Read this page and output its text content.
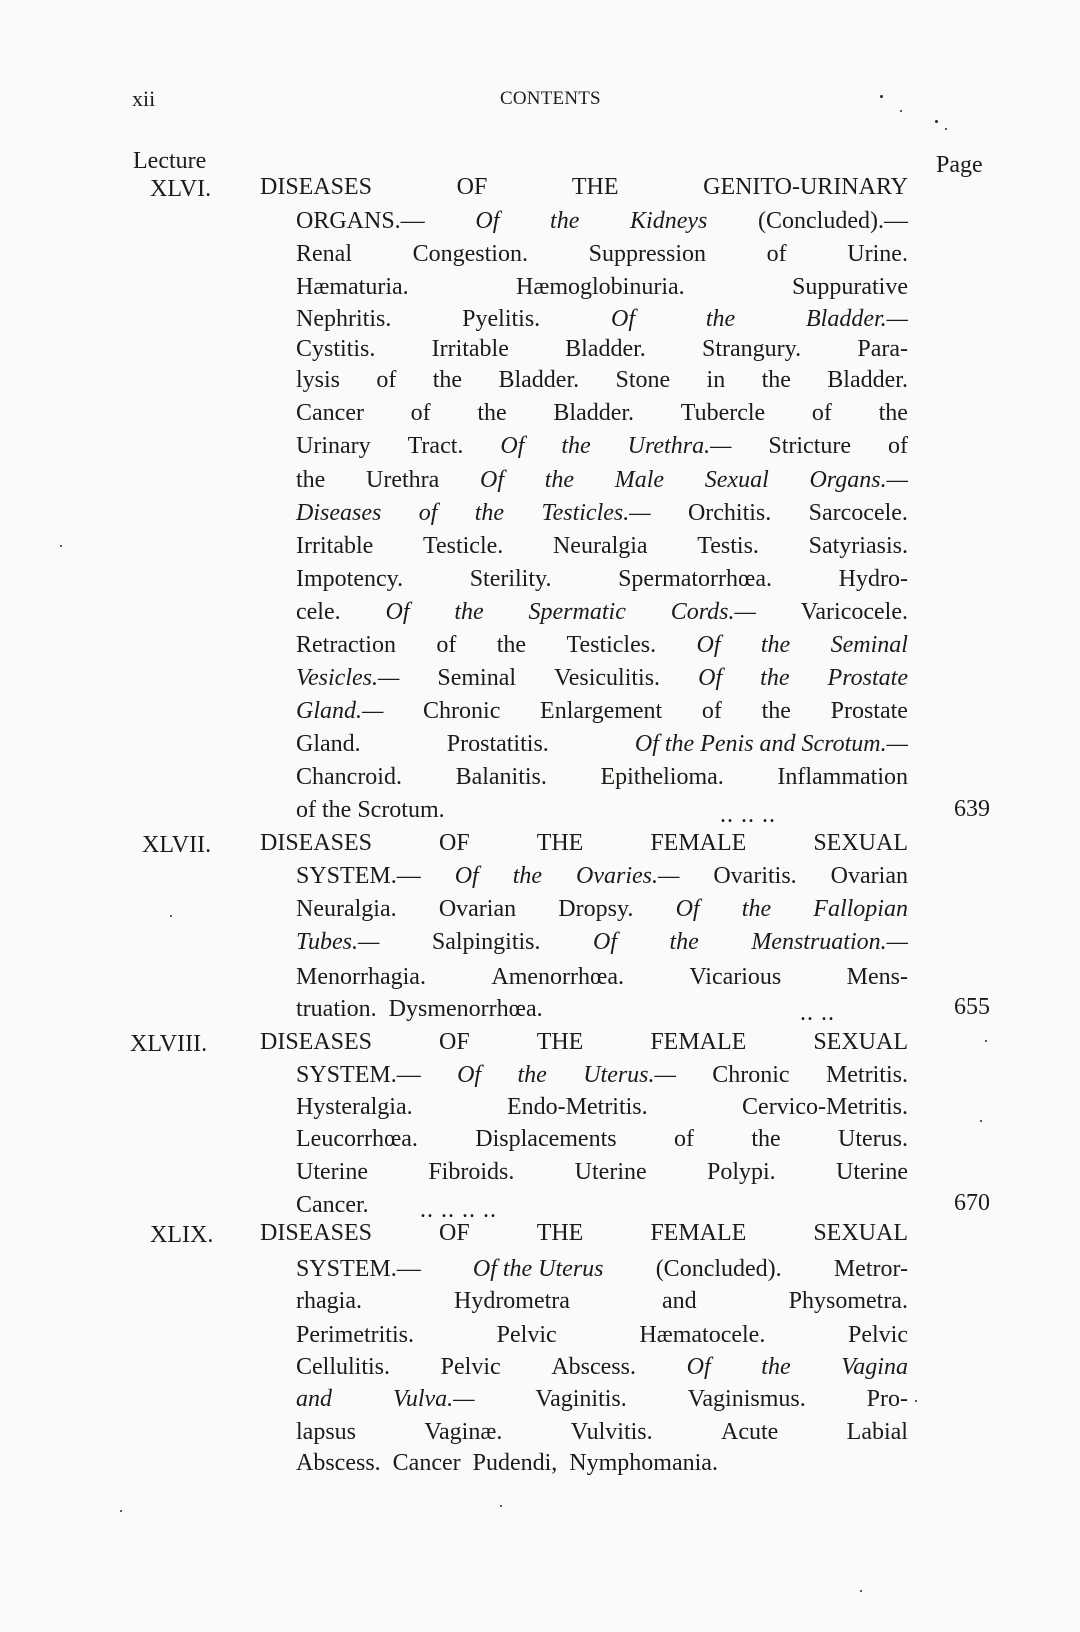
xii	CONTENTS
Lecture	Page
XLVI. DISEASES	OF	THE	GENITO-URINARY
ORGANS.— Of the Kidneys (Concluded).—
Renal	Congestion.	Suppression	of	Urine.
Hæmaturia.	Hæmoglobinuria.	Suppurative
Nephritis.	Pyelitis.	Of	the	Bladder.—
Cystitis. Irritable Bladder. Strangury. Para-
lysis of the Bladder. Stone in the Bladder.
Cancer of the Bladder. Tubercle of the
Urinary Tract. Of the Urethra.— Stricture of
the Urethra Of the Male Sexual Organs.—
Diseases of the Testicles.— Orchitis. Sarcocele.
Irritable Testicle. Neuralgia Testis. Satyriasis.
Impotency.	Sterility.	Spermatorrhœa.	Hydro-
cele. Of the Spermatic Cords.— Varicocele.
Retraction of the Testicles. Of the Seminal
Vesicles.— Seminal Vesiculitis. Of the Prostate
Gland.— Chronic Enlargement of the Prostate
Gland.	Prostatitis.	Of the Penis and Scrotum.—
Chancroid. Balanitis. Epithelioma. Inflammation
of the Scrotum.	639
XLVII. DISEASES	OF	THE	FEMALE	SEXUAL
SYSTEM.— Of the Ovaries.— Ovaritis. Ovarian
Neuralgia. Ovarian Dropsy. Of the Fallopian
Tubes.— Salpingitis. Of the Menstruation.—
Menorrhagia.	Amenorrhœa.	Vicarious	Mens-
truation. Dysmenorrhœa.	655
XLVIII. DISEASES	OF	THE	FEMALE	SEXUAL
SYSTEM.— Of the Uterus.— Chronic Metritis.
Hysteralgia.	Endo-Metritis.	Cervico-Metritis.
Leucorrhœa. Displacements of the Uterus.
Uterine	Fibroids.	Uterine	Polypi.	Uterine
Cancer.	670
XLIX. DISEASES	OF	THE	FEMALE	SEXUAL
SYSTEM.— Of the Uterus (Concluded). Metror-
rhagia.	Hydrometra	and	Physometra.
Perimetritis.	Pelvic	Hæmatocele.	Pelvic
Cellulitis. Pelvic Abscess. Of the Vagina
and	Vulva.—	Vaginitis.	Vaginismus.	Pro-
lapsus	Vaginæ.	Vulvitis.	Acute	Labial
Abscess. Cancer Pudendi, Nymphomania.
.. .. ..
.. ..
.. .. .. ..
